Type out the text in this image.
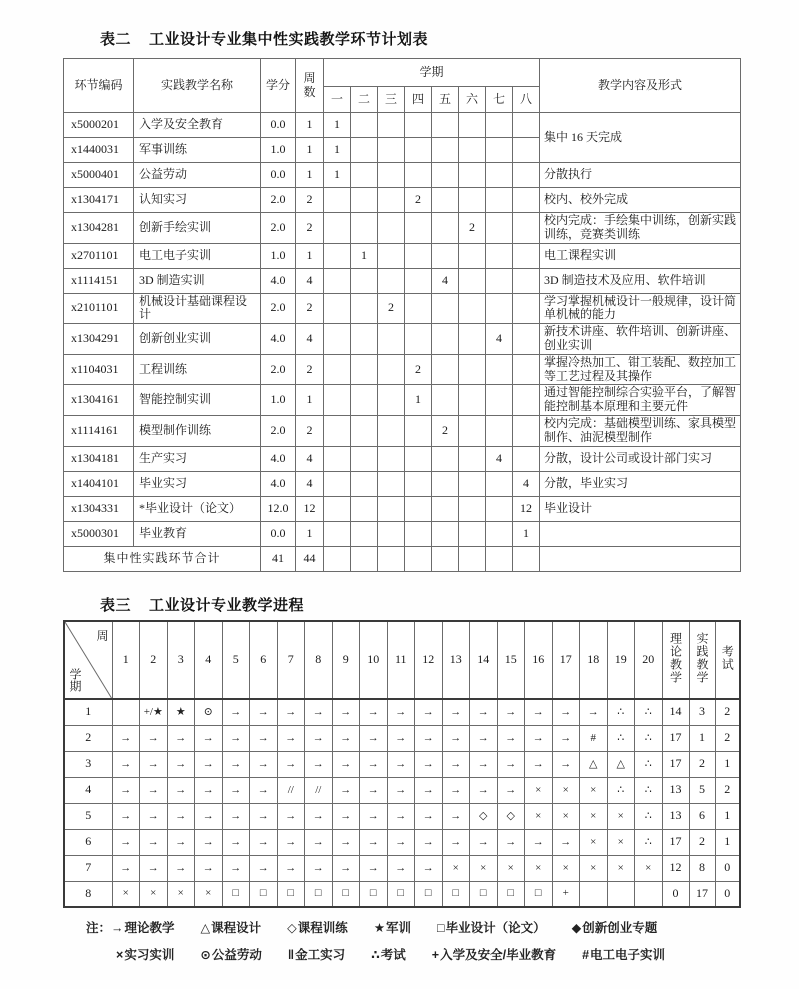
表二 工业设计专业集中性实践教学环节计划表
环节编码	实践教学名称	学分	周数	学期								教学内容及形式
				一	二	三	四	五	六	七	八	
x5000201	入学及安全教育	0.0	1	1								集中 16 天完成
x1440031	军事训练	1.0	1	1								
x5000401	公益劳动	0.0	1	1								分散执行
x1304171	认知实习	2.0	2				2					校内、校外完成
x1304281	创新手绘实训	2.0	2						2			校内完成：手绘集中训练，创新实践训练，竞赛类训练
x2701101	电工电子实训	1.0	1		1							电工课程实训
x1114151	3D 制造实训	4.0	4					4				3D 制造技术及应用、软件培训
x2101101	机械设计基础课程设计	2.0	2			2						学习掌握机械设计一般规律，设计简单机械的能力
x1304291	创新创业实训	4.0	4							4		新技术讲座、软件培训、创新讲座、创业实训
x1104031	工程训练	2.0	2				2					掌握冷热加工、钳工装配、数控加工等工艺过程及其操作
x1304161	智能控制实训	1.0	1				1					通过智能控制综合实验平台，了解智能控制基本原理和主要元件
x1114161	模型制作训练	2.0	2					2				校内完成：基础模型训练、家具模型制作、油泥模型制作
x1304181	生产实习	4.0	4							4		分散，设计公司或设计部门实习
x1404101	毕业实习	4.0	4								4	分散，毕业实习
x1304331	*毕业设计（论文）	12.0	12								12	毕业设计
x5000301	毕业教育	0.0	1								1	
集中性实践环节合计		41	44									
表三 工业设计专业教学进程
周
学期	1	2	3	4	5	6	7	8	9	10	11	12	13	14	15	16	17	18	19	20	理论教学	实践教学	考试
1		+/★	★	⊙	→	→	→	→	→	→	→	→	→	→	→	→	→	→	∴	∴	14	3	2
2	→	→	→	→	→	→	→	→	→	→	→	→	→	→	→	→	→	#	∴	∴	17	1	2
3	→	→	→	→	→	→	→	→	→	→	→	→	→	→	→	→	→	△	△	∴	17	2	1
4	→	→	→	→	→	→	//	//	→	→	→	→	→	→	→	×	×	×	∴	∴	13	5	2
5	→	→	→	→	→	→	→	→	→	→	→	→	→	◇	◇	×	×	×	×	∴	13	6	1
6	→	→	→	→	→	→	→	→	→	→	→	→	→	→	→	→	→	×	×	∴	17	2	1
7	→	→	→	→	→	→	→	→	→	→	→	→	×	×	×	×	×	×	×	×	12	8	0
8	×	×	×	×	□	□	□	□	□	□	□	□	□	□	□	□	+				0	17	0
注： →理论教学 △课程设计 ◇课程训练 ★军训 □毕业设计（论文） ◆创新创业专题
×实习实训 ⊙公益劳动 ‖金工实习 ∴考试 +入学及安全/毕业教育 #电工电子实训
